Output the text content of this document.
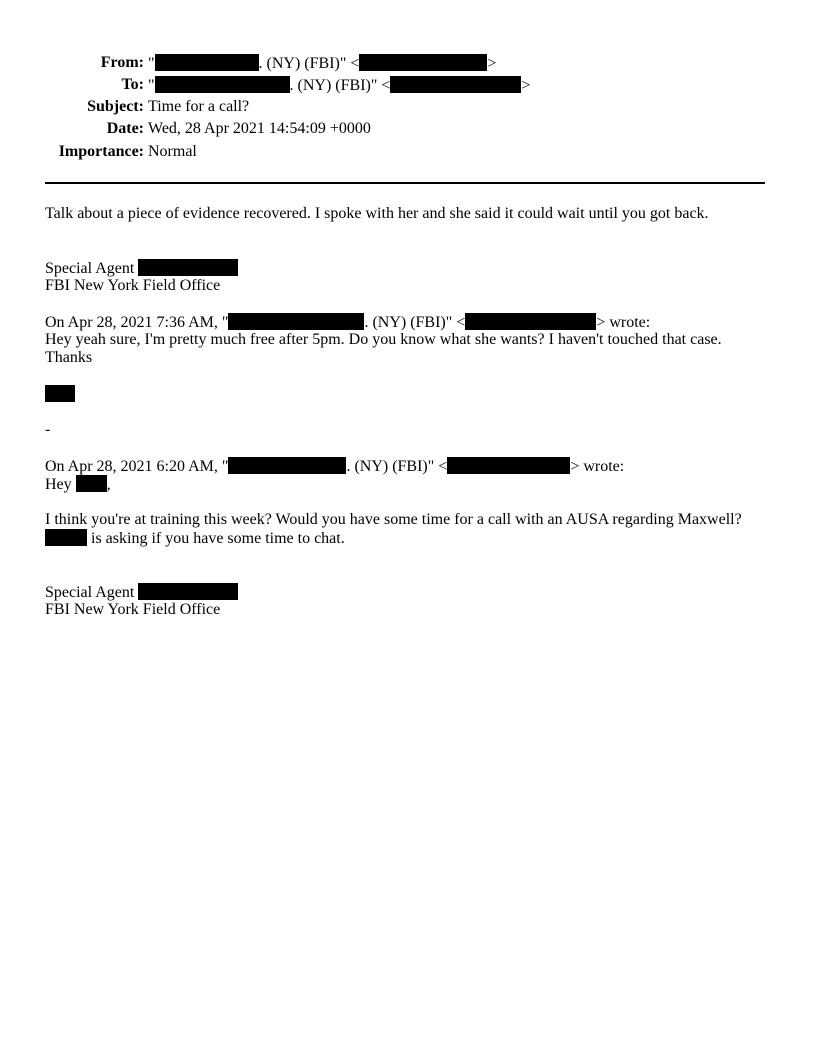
From: "	. (NY) (FBI)" <	>
To: "	. (NY) (FBI)" <	>
Subject: Time for a call?
Date: Wed, 28 Apr 2021 14:54:09 +0000
Importance: Normal
Talk about a piece of evidence recovered. I spoke with her and she said it could wait until you got back.
Special Agent
FBI New York Field Office
On Apr 28, 2021 7:36 AM, "	. (NY) (FBI)" <	> wrote:
Hey yeah sure, I'm pretty much free after 5pm. Do you know what she wants? I haven't touched that case.
Thanks
-
On Apr 28, 2021 6:20 AM, "	. (NY) (FBI)" <	> wrote:
Hey ,
I think you're at training this week? Would you have some time for a call with an AUSA regarding Maxwell?
is asking if you have some time to chat.
Special Agent
FBI New York Field Office
